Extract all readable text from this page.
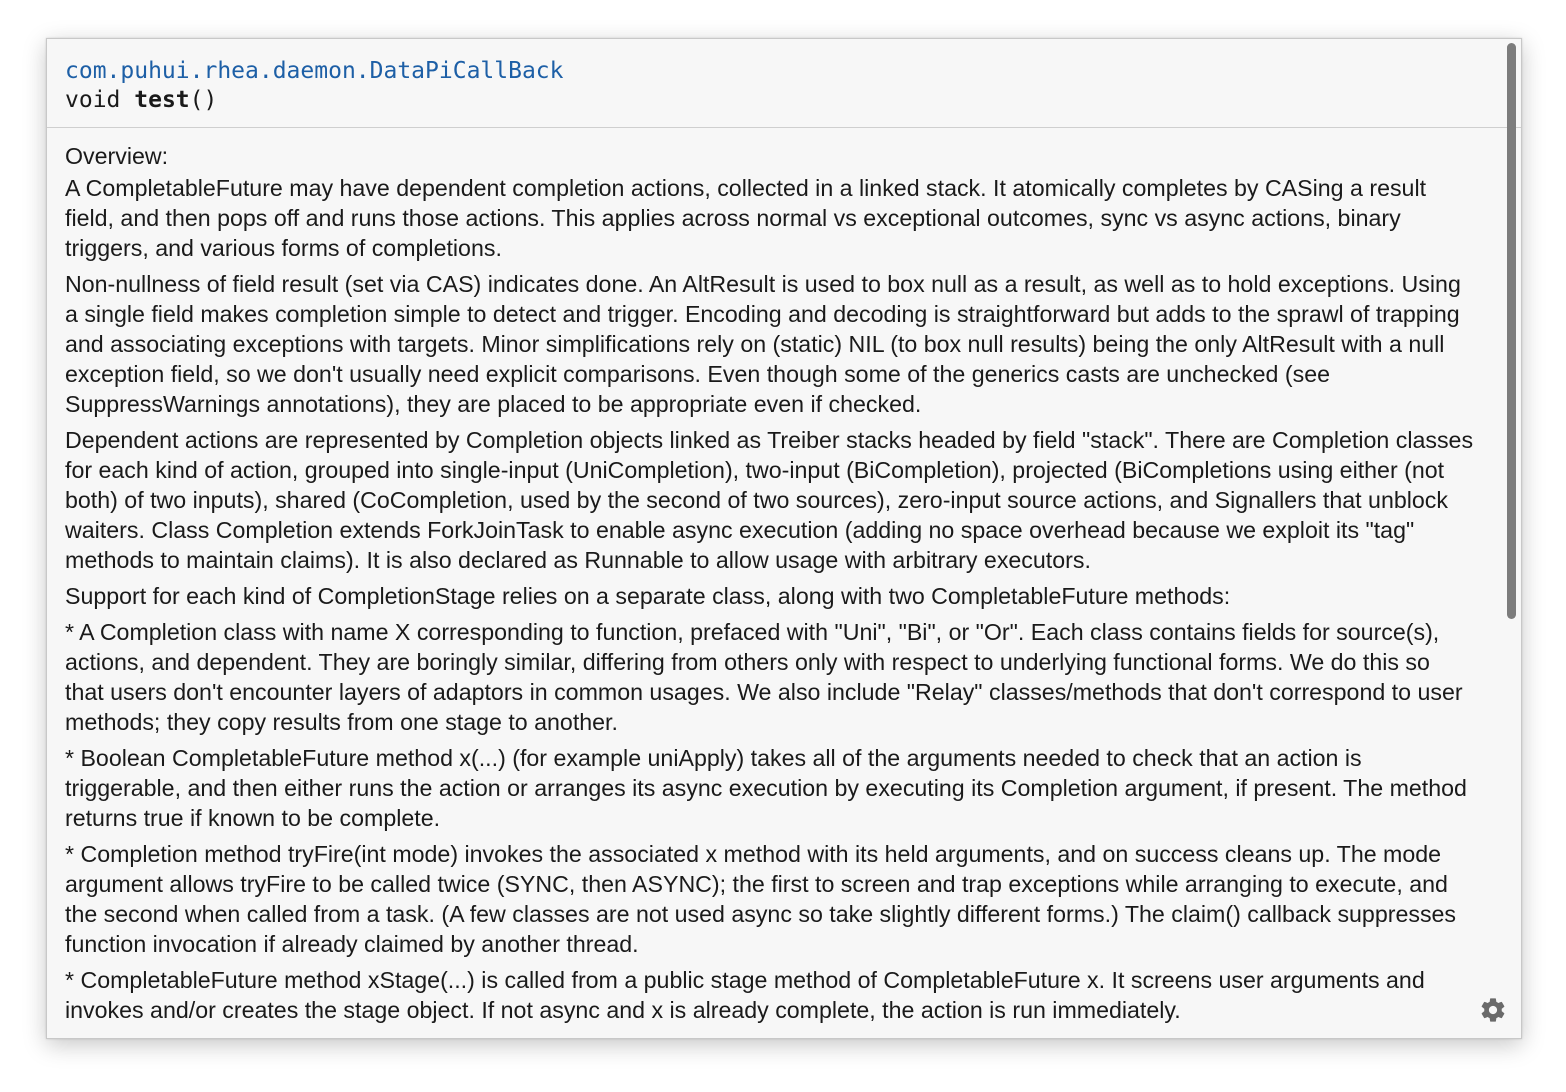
com.puhui.rhea.daemon.DataPiCallBack
void test()

Overview:

A CompletableFuture may have dependent completion actions, collected in a linked stack. It atomically completes by CASing a result field, and then pops off and runs those actions. This applies across normal vs exceptional outcomes, sync vs async actions, binary triggers, and various forms of completions.

Non-nullness of field result (set via CAS) indicates done. An AltResult is used to box null as a result, as well as to hold exceptions. Using a single field makes completion simple to detect and trigger. Encoding and decoding is straightforward but adds to the sprawl of trapping and associating exceptions with targets. Minor simplifications rely on (static) NIL (to box null results) being the only AltResult with a null exception field, so we don't usually need explicit comparisons. Even though some of the generics casts are unchecked (see SuppressWarnings annotations), they are placed to be appropriate even if checked.

Dependent actions are represented by Completion objects linked as Treiber stacks headed by field "stack". There are Completion classes for each kind of action, grouped into single-input (UniCompletion), two-input (BiCompletion), projected (BiCompletions using either (not both) of two inputs), shared (CoCompletion, used by the second of two sources), zero-input source actions, and Signallers that unblock waiters. Class Completion extends ForkJoinTask to enable async execution (adding no space overhead because we exploit its "tag" methods to maintain claims). It is also declared as Runnable to allow usage with arbitrary executors.

Support for each kind of CompletionStage relies on a separate class, along with two CompletableFuture methods:

* A Completion class with name X corresponding to function, prefaced with "Uni", "Bi", or "Or". Each class contains fields for source(s), actions, and dependent. They are boringly similar, differing from others only with respect to underlying functional forms. We do this so that users don't encounter layers of adaptors in common usages. We also include "Relay" classes/methods that don't correspond to user methods; they copy results from one stage to another.

* Boolean CompletableFuture method x(...) (for example uniApply) takes all of the arguments needed to check that an action is triggerable, and then either runs the action or arranges its async execution by executing its Completion argument, if present. The method returns true if known to be complete.

* Completion method tryFire(int mode) invokes the associated x method with its held arguments, and on success cleans up. The mode argument allows tryFire to be called twice (SYNC, then ASYNC); the first to screen and trap exceptions while arranging to execute, and the second when called from a task. (A few classes are not used async so take slightly different forms.) The claim() callback suppresses function invocation if already claimed by another thread.

* CompletableFuture method xStage(...) is called from a public stage method of CompletableFuture x. It screens user arguments and invokes and/or creates the stage object. If not async and x is already complete, the action is run immediately.
